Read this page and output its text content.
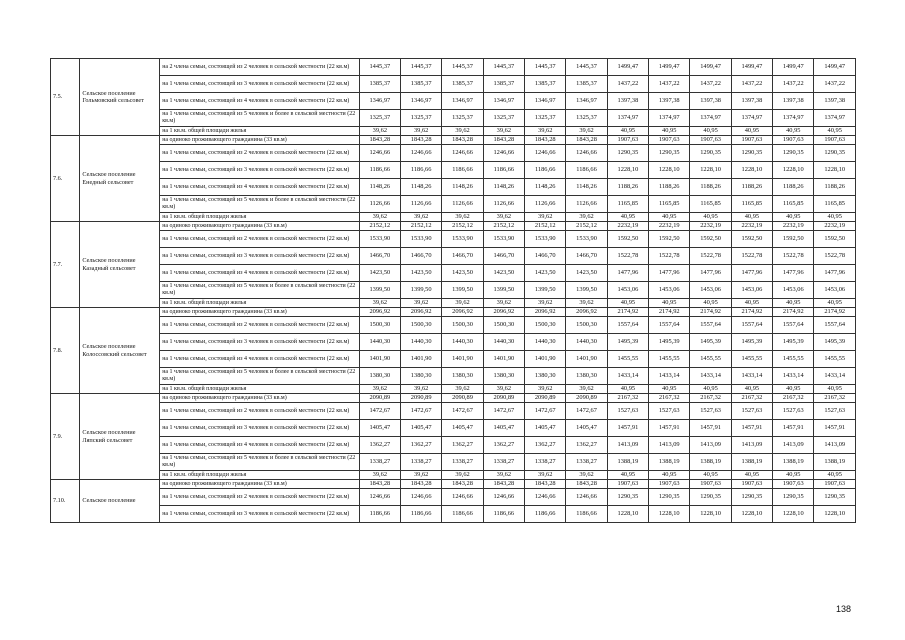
7.5.	Сельское поселение Гольмовский сельсовет	на 2 члена семьи, состоящей из 2 человек в сельской местности (22 кв.м)	1445,37	1445,37	1445,37	1445,37	1445,37	1445,37	1499,47	1499,47	1499,47	1499,47	1499,47	1499,47
		на 1 члена семьи, состоящей из 3 человек в сельской местности (22 кв.м)	1385,37	1385,37	1385,37	1385,37	1385,37	1385,37	1437,22	1437,22	1437,22	1437,22	1437,22	1437,22
		на 1 члена семьи, состоящей из 4 человек в сельской местности (22 кв.м)	1346,97	1346,97	1346,97	1346,97	1346,97	1346,97	1397,38	1397,38	1397,38	1397,38	1397,38	1397,38
		на 1 члена семьи, состоящей из 5 человек и более в сельской местности (22 кв.м)	1325,37	1325,37	1325,37	1325,37	1325,37	1325,37	1374,97	1374,97	1374,97	1374,97	1374,97	1374,97
		на 1 кв.м. общей площади жилья	39,62	39,62	39,62	39,62	39,62	39,62	40,95	40,95	40,95	40,95	40,95	40,95
7.6.	Сельское поселение Енедный сельсовет	на одиноко проживающего гражданина (33 кв.м)	1843,28	1843,28	1843,28	1843,28	1843,28	1843,28	1907,63	1907,63	1907,63	1907,63	1907,63	1907,63
		на 1 члена семьи, состоящей из 2 человек в сельской местности (22 кв.м)	1246,66	1246,66	1246,66	1246,66	1246,66	1246,66	1290,35	1290,35	1290,35	1290,35	1290,35	1290,35
		на 1 члена семьи, состоящей из 3 человек в сельской местности (22 кв.м)	1186,66	1186,66	1186,66	1186,66	1186,66	1186,66	1228,10	1228,10	1228,10	1228,10	1228,10	1228,10
		на 1 члена семьи, состоящей из 4 человек в сельской местности (22 кв.м)	1148,26	1148,26	1148,26	1148,26	1148,26	1148,26	1188,26	1188,26	1188,26	1188,26	1188,26	1188,26
		на 1 члена семьи, состоящей из 5 человек и более в сельской местности (22 кв.м)	1126,66	1126,66	1126,66	1126,66	1126,66	1126,66	1165,85	1165,85	1165,85	1165,85	1165,85	1165,85
		на 1 кв.м. общей площади жилья	39,62	39,62	39,62	39,62	39,62	39,62	40,95	40,95	40,95	40,95	40,95	40,95
7.7.	Сельское поселение Казадный сельсовет	на одиноко проживающего гражданина (33 кв.м)	2152,12	2152,12	2152,12	2152,12	2152,12	2152,12	2232,19	2232,19	2232,19	2232,19	2232,19	2232,19
		на 1 члена семьи, состоящей из 2 человек в сельской местности (22 кв.м)	1533,90	1533,90	1533,90	1533,90	1533,90	1533,90	1592,50	1592,50	1592,50	1592,50	1592,50	1592,50
		на 1 члена семьи, состоящей из 3 человек в сельской местности (22 кв.м)	1466,70	1466,70	1466,70	1466,70	1466,70	1466,70	1522,78	1522,78	1522,78	1522,78	1522,78	1522,78
		на 1 члена семьи, состоящей из 4 человек в сельской местности (22 кв.м)	1423,50	1423,50	1423,50	1423,50	1423,50	1423,50	1477,96	1477,96	1477,96	1477,96	1477,96	1477,96
		на 1 члена семьи, состоящей из 5 человек и более в сельской местности (22 кв.м)	1399,50	1399,50	1399,50	1399,50	1399,50	1399,50	1453,06	1453,06	1453,06	1453,06	1453,06	1453,06
		на 1 кв.м. общей площади жилья	39,62	39,62	39,62	39,62	39,62	39,62	40,95	40,95	40,95	40,95	40,95	40,95
7.8.	Сельское поселение Колоссовский сельсовет	на одиноко проживающего гражданина (33 кв.м)	2096,92	2096,92	2096,92	2096,92	2096,92	2096,92	2174,92	2174,92	2174,92	2174,92	2174,92	2174,92
		на 1 члена семьи, состоящей из 2 человек в сельской местности (22 кв.м)	1500,30	1500,30	1500,30	1500,30	1500,30	1500,30	1557,64	1557,64	1557,64	1557,64	1557,64	1557,64
		на 1 члена семьи, состоящей из 3 человек в сельской местности (22 кв.м)	1440,30	1440,30	1440,30	1440,30	1440,30	1440,30	1495,39	1495,39	1495,39	1495,39	1495,39	1495,39
		на 1 члена семьи, состоящей из 4 человек в сельской местности (22 кв.м)	1401,90	1401,90	1401,90	1401,90	1401,90	1401,90	1455,55	1455,55	1455,55	1455,55	1455,55	1455,55
		на 1 члена семьи, состоящей из 5 человек и более в сельской местности (22 кв.м)	1380,30	1380,30	1380,30	1380,30	1380,30	1380,30	1433,14	1433,14	1433,14	1433,14	1433,14	1433,14
		на 1 кв.м. общей площади жилья	39,62	39,62	39,62	39,62	39,62	39,62	40,95	40,95	40,95	40,95	40,95	40,95
7.9.	Сельское поселение Ляпский сельсовет	на одиноко проживающего гражданина (33 кв.м)	2090,89	2090,89	2090,89	2090,89	2090,89	2090,89	2167,32	2167,32	2167,32	2167,32	2167,32	2167,32
		на 1 члена семьи, состоящей из 2 человек в сельской местности (22 кв.м)	1472,67	1472,67	1472,67	1472,67	1472,67	1472,67	1527,63	1527,63	1527,63	1527,63	1527,63	1527,63
		на 1 члена семьи, состоящей из 3 человек в сельской местности (22 кв.м)	1405,47	1405,47	1405,47	1405,47	1405,47	1405,47	1457,91	1457,91	1457,91	1457,91	1457,91	1457,91
		на 1 члена семьи, состоящей из 4 человек в сельской местности (22 кв.м)	1362,27	1362,27	1362,27	1362,27	1362,27	1362,27	1413,09	1413,09	1413,09	1413,09	1413,09	1413,09
		на 1 члена семьи, состоящей из 5 человек и более в сельской местности (22 кв.м)	1338,27	1338,27	1338,27	1338,27	1338,27	1338,27	1388,19	1388,19	1388,19	1388,19	1388,19	1388,19
		на 1 кв.м. общей площади жилья	39,62	39,62	39,62	39,62	39,62	39,62	40,95	40,95	40,95	40,95	40,95	40,95
7.10.	Сельское поселение	на одиноко проживающего гражданина (33 кв.м)	1843,28	1843,28	1843,28	1843,28	1843,28	1843,28	1907,63	1907,63	1907,63	1907,63	1907,63	1907,63
		на 1 члена семьи, состоящей из 2 человек в сельской местности (22 кв.м)	1246,66	1246,66	1246,66	1246,66	1246,66	1246,66	1290,35	1290,35	1290,35	1290,35	1290,35	1290,35
		на 1 члена семьи, состоящей из 3 человек в сельской местности (22 кв.м)	1186,66	1186,66	1186,66	1186,66	1186,66	1186,66	1228,10	1228,10	1228,10	1228,10	1228,10	1228,10
138
